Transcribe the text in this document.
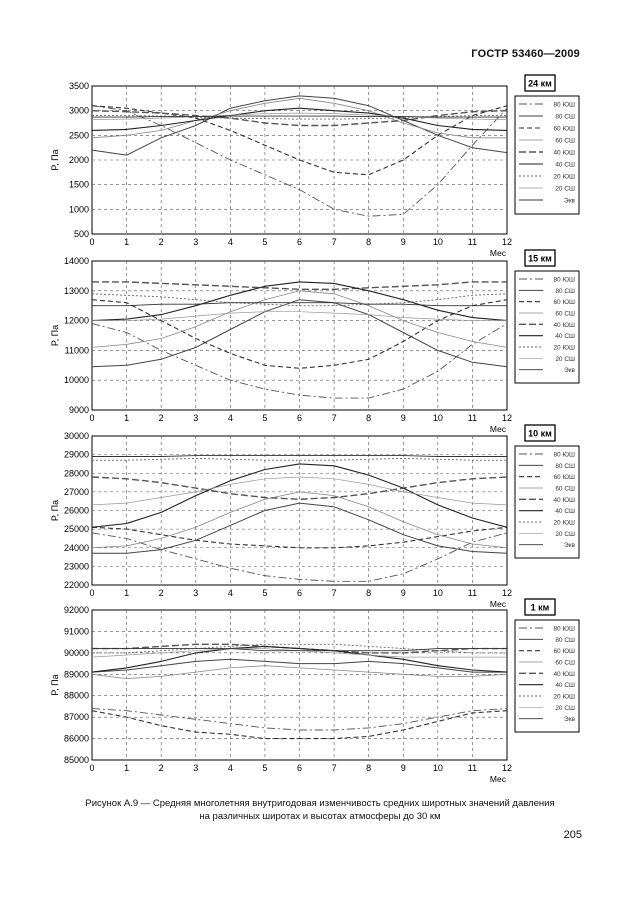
ГОСТР 53460—2009
0	1	2	3	4	5	6	7	8	9	10	11	12
500
1000
1500
2000
2500
3000
3500
Мес
P, Па
24 км
80 ЮШ
80 СШ
60 ЮШ
60 СШ
40 ЮШ
40 СШ
20 ЮШ
20 СШ
Экв
0	1	2	3	4	5	6	7	8	9	10	11	12
9000
10000
11000
12000
13000
14000
Мес
P, Па
15 км
80 ЮШ
80 СШ
60 ЮШ
60 СШ
40 ЮШ
40 СШ
20 ЮШ
20 СШ
Экв
0	1	2	3	4	5	6	7	8	9	10	11	12
22000
23000
24000
25000
26000
27000
28000
29000
30000
Мес
P, Па
10 км
80 ЮШ
80 СШ
60 ЮШ
60 СШ
40 ЮШ
40 СШ
20 ЮШ
20 СШ
Экв
0	1	2	3	4	5	6	7	8	9	10	11	12
85000
86000
87000
88000
89000
90000
91000
92000
Мес
P, Па
1 км
80 ЮШ
80 СШ
60 ЮШ
60 СШ
40 ЮШ
40 СШ
20 ЮШ
20 СШ
Экв
Рисунок А.9 — Средняя многолетняя внутригодовая изменчивость средних широтных значений давления
на различных широтах и высотах атмосферы до 30 км
205
